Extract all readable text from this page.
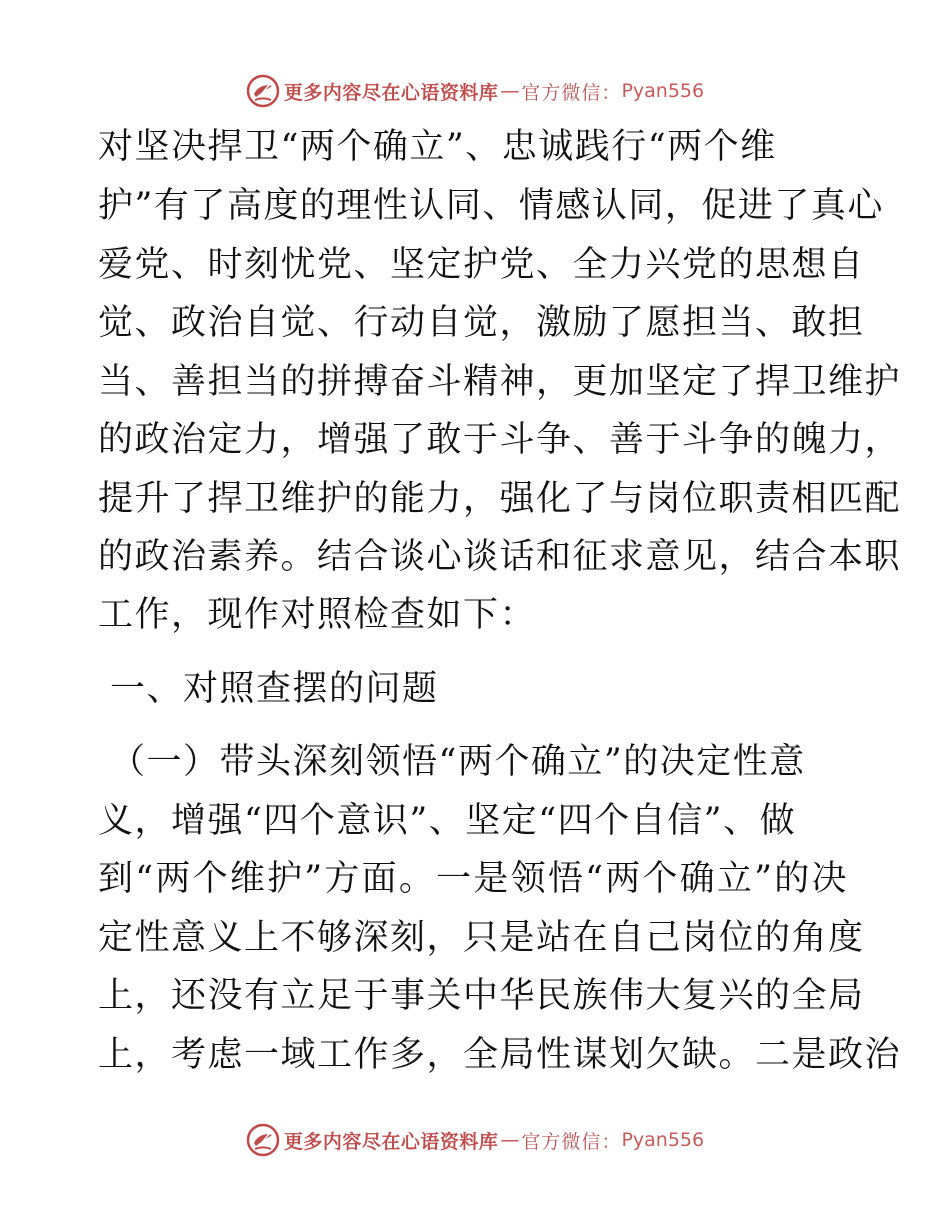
更多内容尽在心语资料库 — 官方微信： Pyan556
对坚决捍卫“两个确立”、忠诚践行“两个维
护”有了高度的理性认同、情感认同，促进了真心
爱党、时刻忧党、坚定护党、全力兴党的思想自
觉、政治自觉、行动自觉，激励了愿担当、敢担
当、善担当的拼搏奋斗精神，更加坚定了捍卫维护
的政治定力，增强了敢于斗争、善于斗争的魄力，
提升了捍卫维护的能力，强化了与岗位职责相匹配
的政治素养。结合谈心谈话和征求意见，结合本职
工作，现作对照检查如下：
一、对照查摆的问题
（一）带头深刻领悟“两个确立”的决定性意
义，增强“四个意识”、坚定“四个自信”、做
到“两个维护”方面。一是领悟“两个确立”的决
定性意义上不够深刻，只是站在自己岗位的角度
上，还没有立足于事关中华民族伟大复兴的全局
上，考虑一域工作多，全局性谋划欠缺。二是政治
更多内容尽在心语资料库 — 官方微信： Pyan556
